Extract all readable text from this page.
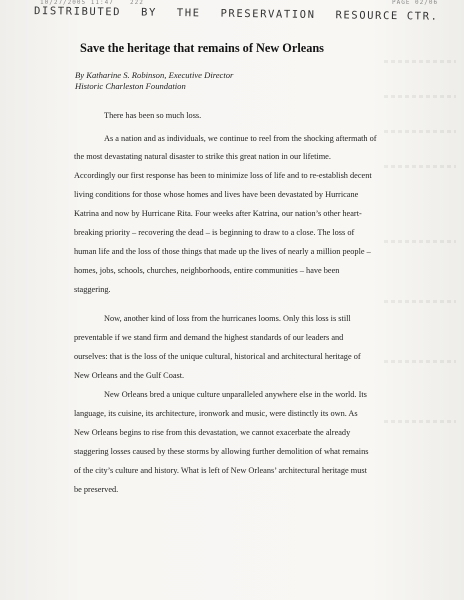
10/27/2005 11:47	222	PAGE 02/06
DISTRIBUTED BY THE PRESERVATION RESOURCE CTR.
Save the heritage that remains of New Orleans
By Katharine S. Robinson, Executive Director
Historic Charleston Foundation
There has been so much loss.
As a nation and as individuals, we continue to reel from the shocking aftermath of
the most devastating natural disaster to strike this great nation in our lifetime.
Accordingly our first response has been to minimize loss of life and to re-establish decent
living conditions for those whose homes and lives have been devastated by Hurricane
Katrina and now by Hurricane Rita. Four weeks after Katrina, our nation’s other heart-
breaking priority – recovering the dead – is beginning to draw to a close. The loss of
human life and the loss of those things that made up the lives of nearly a million people –
homes, jobs, schools, churches, neighborhoods, entire communities – have been
staggering.
Now, another kind of loss from the hurricanes looms. Only this loss is still
preventable if we stand firm and demand the highest standards of our leaders and
ourselves: that is the loss of the unique cultural, historical and architectural heritage of
New Orleans and the Gulf Coast.
New Orleans bred a unique culture unparalleled anywhere else in the world. Its
language, its cuisine, its architecture, ironwork and music, were distinctly its own. As
New Orleans begins to rise from this devastation, we cannot exacerbate the already
staggering losses caused by these storms by allowing further demolition of what remains
of the city’s culture and history. What is left of New Orleans’ architectural heritage must
be preserved.
